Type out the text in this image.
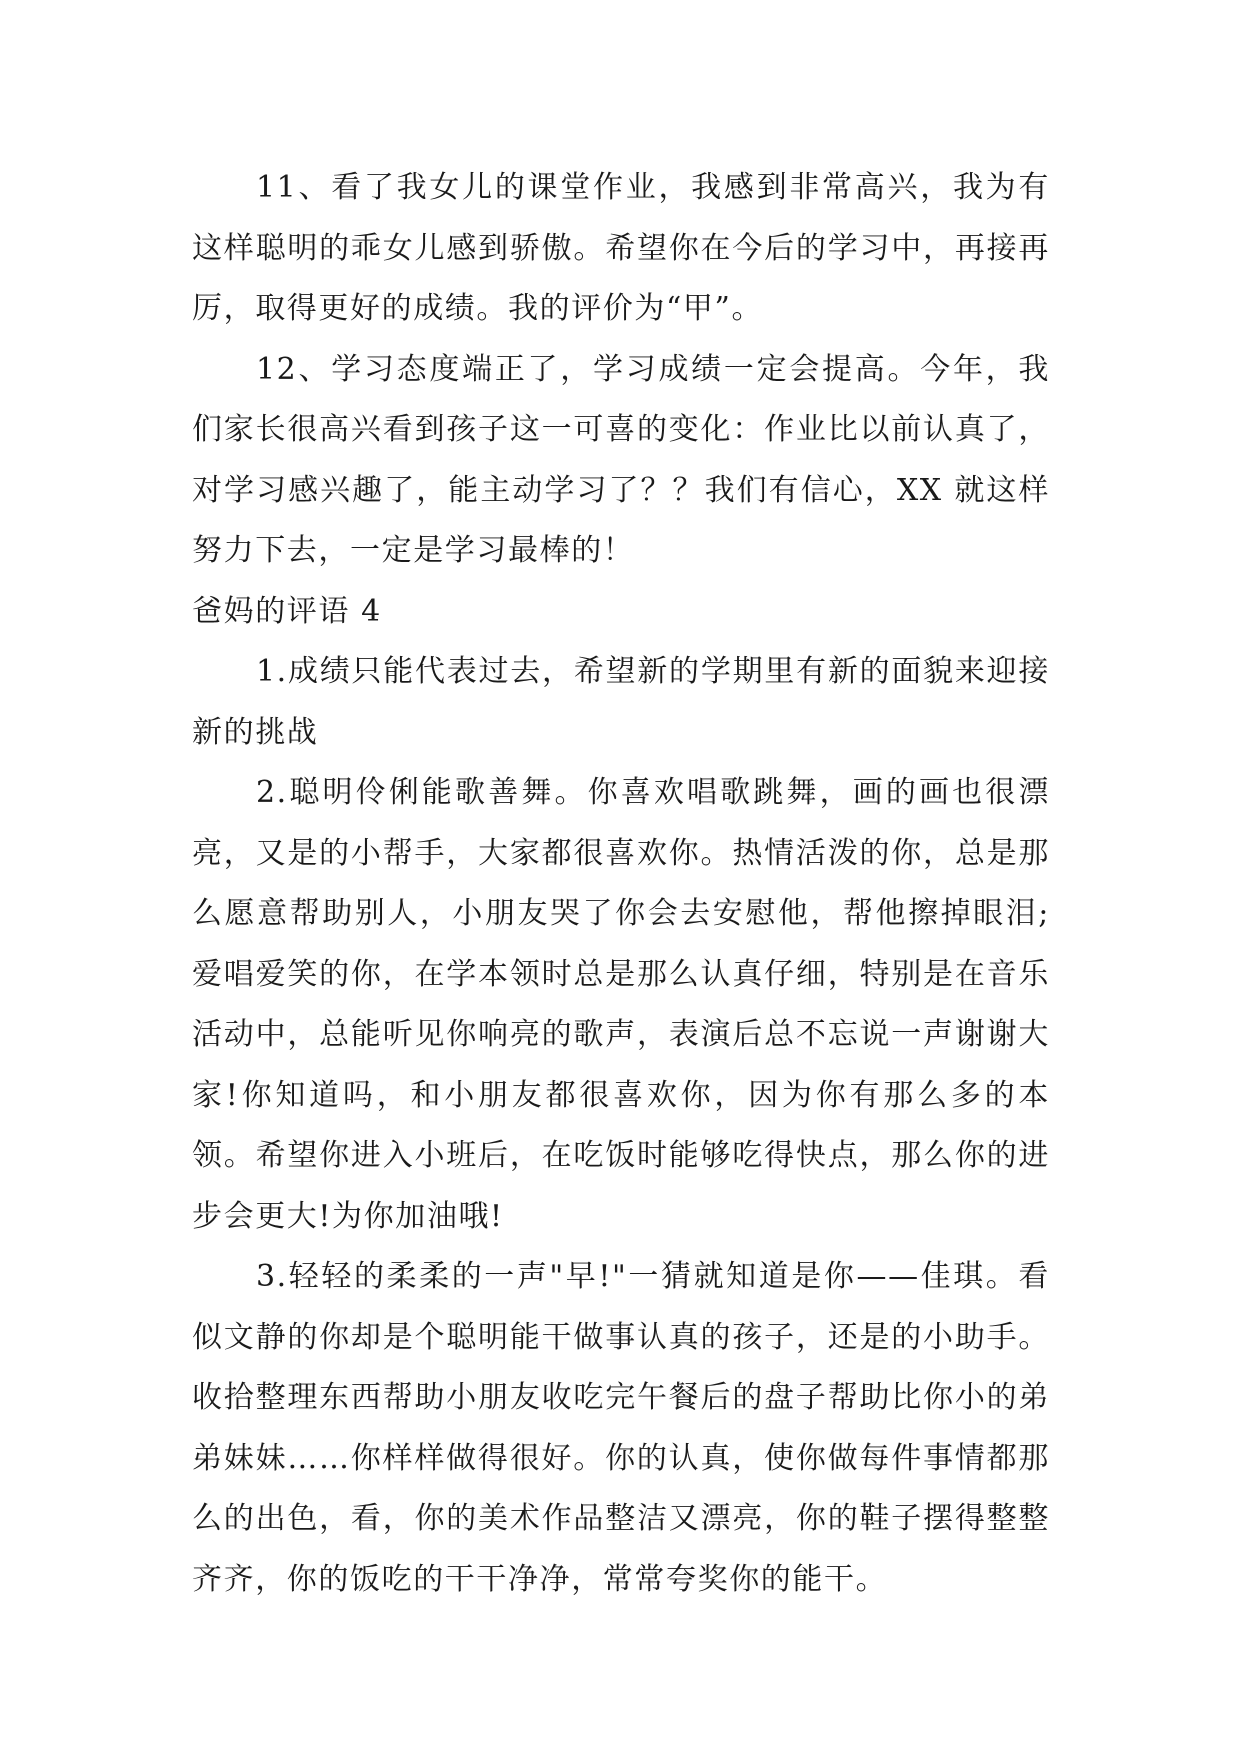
11、看了我女儿的课堂作业，我感到非常高兴，我为有这样聪明的乖女儿感到骄傲。希望你在今后的学习中，再接再厉，取得更好的成绩。我的评价为“甲”。

12、学习态度端正了，学习成绩一定会提高。今年，我们家长很高兴看到孩子这一可喜的变化：作业比以前认真了，对学习感兴趣了，能主动学习了？？我们有信心，XX 就这样努力下去，一定是学习最棒的！

爸妈的评语 4

1.成绩只能代表过去，希望新的学期里有新的面貌来迎接新的挑战

2.聪明伶俐能歌善舞。你喜欢唱歌跳舞，画的画也很漂亮，又是的小帮手，大家都很喜欢你。热情活泼的你，总是那么愿意帮助别人，小朋友哭了你会去安慰他，帮他擦掉眼泪;爱唱爱笑的你，在学本领时总是那么认真仔细，特别是在音乐活动中，总能听见你响亮的歌声，表演后总不忘说一声谢谢大家!你知道吗，和小朋友都很喜欢你，因为你有那么多的本领。希望你进入小班后，在吃饭时能够吃得快点，那么你的进步会更大!为你加油哦!

3.轻轻的柔柔的一声"早!"一猜就知道是你——佳琪。看似文静的你却是个聪明能干做事认真的孩子，还是的小助手。收拾整理东西帮助小朋友收吃完午餐后的盘子帮助比你小的弟弟妹妹……你样样做得很好。你的认真，使你做每件事情都那么的出色，看，你的美术作品整洁又漂亮，你的鞋子摆得整整齐齐，你的饭吃的干干净净，常常夸奖你的能干。
